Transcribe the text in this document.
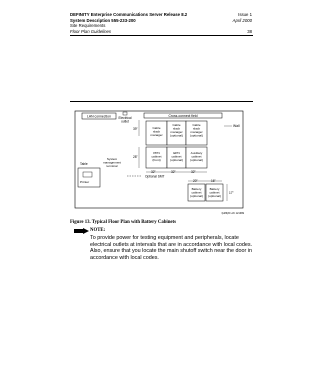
DEFINITY Enterprise Communications Server Release 8.2
System Description 555-233-200
Site Requirements
Floor Plan Guidelines
Issue 1
April 2000

38
LAN connection Electrical
outlet
Cross-connect field
Wall
39"	Cable
slack
manager
Cable
slack
manager
(optional)
Cable
slack
manager
(optional)
PPN
cabinet
(front)
EPN
cabinet
(optional)
Auxiliary
cabinet
(optional)
28"
32"	32"	32"
System
management
terminal
Table
Printer
Optional SMT
20"	16"
Battery
cabinet
(optional)
Battery
cabinet
(optional)
17"
fpdf6p5 LJK 121999
Figure 13. Typical Floor Plan with Battery Cabinets
NOTE:
To provide power for testing equipment and peripherals, locate electrical outlets at intervals that are in accordance with local codes. Also, ensure that you locate the main shutoff switch near the door in accordance with local codes.
